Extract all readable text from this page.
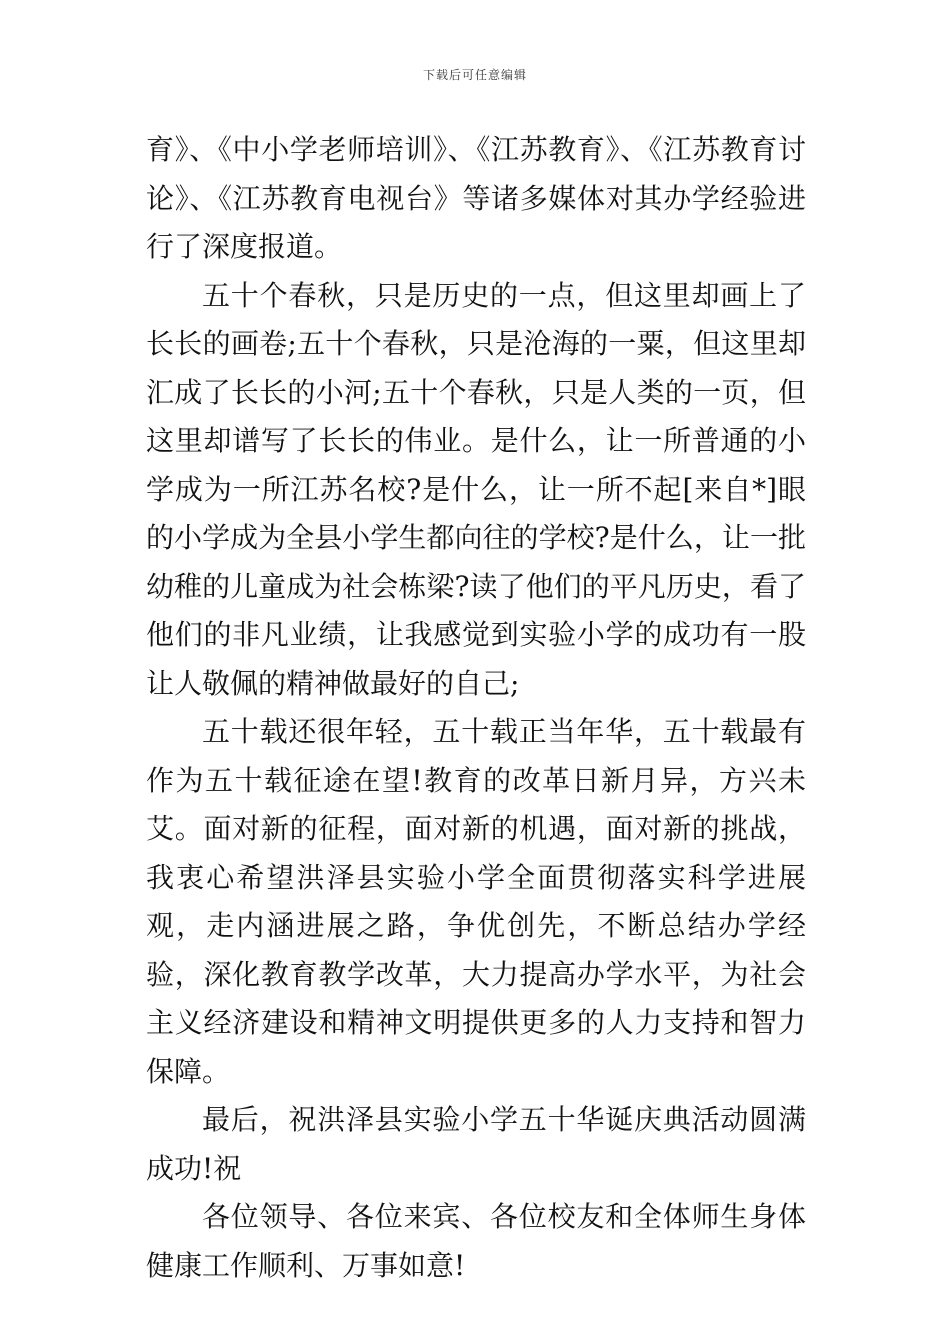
下载后可任意编辑

育》、《中小学老师培训》、《江苏教育》、《江苏教育讨论》、《江苏教育电视台》等诸多媒体对其办学经验进行了深度报道。

五十个春秋，只是历史的一点，但这里却画上了长长的画卷;五十个春秋，只是沧海的一粟，但这里却汇成了长长的小河;五十个春秋，只是人类的一页，但这里却谱写了长长的伟业。是什么，让一所普通的小学成为一所江苏名校?是什么，让一所不起[来自*]眼的小学成为全县小学生都向往的学校?是什么，让一批幼稚的儿童成为社会栋梁?读了他们的平凡历史，看了他们的非凡业绩，让我感觉到实验小学的成功有一股让人敬佩的精神做最好的自己;

五十载还很年轻，五十载正当年华，五十载最有作为五十载征途在望!教育的改革日新月异，方兴未艾。面对新的征程，面对新的机遇，面对新的挑战，我衷心希望洪泽县实验小学全面贯彻落实科学进展观，走内涵进展之路，争优创先，不断总结办学经验，深化教育教学改革，大力提高办学水平，为社会主义经济建设和精神文明提供更多的人力支持和智力保障。

最后，祝洪泽县实验小学五十华诞庆典活动圆满成功!祝

各位领导、各位来宾、各位校友和全体师生身体健康工作顺利、万事如意!
